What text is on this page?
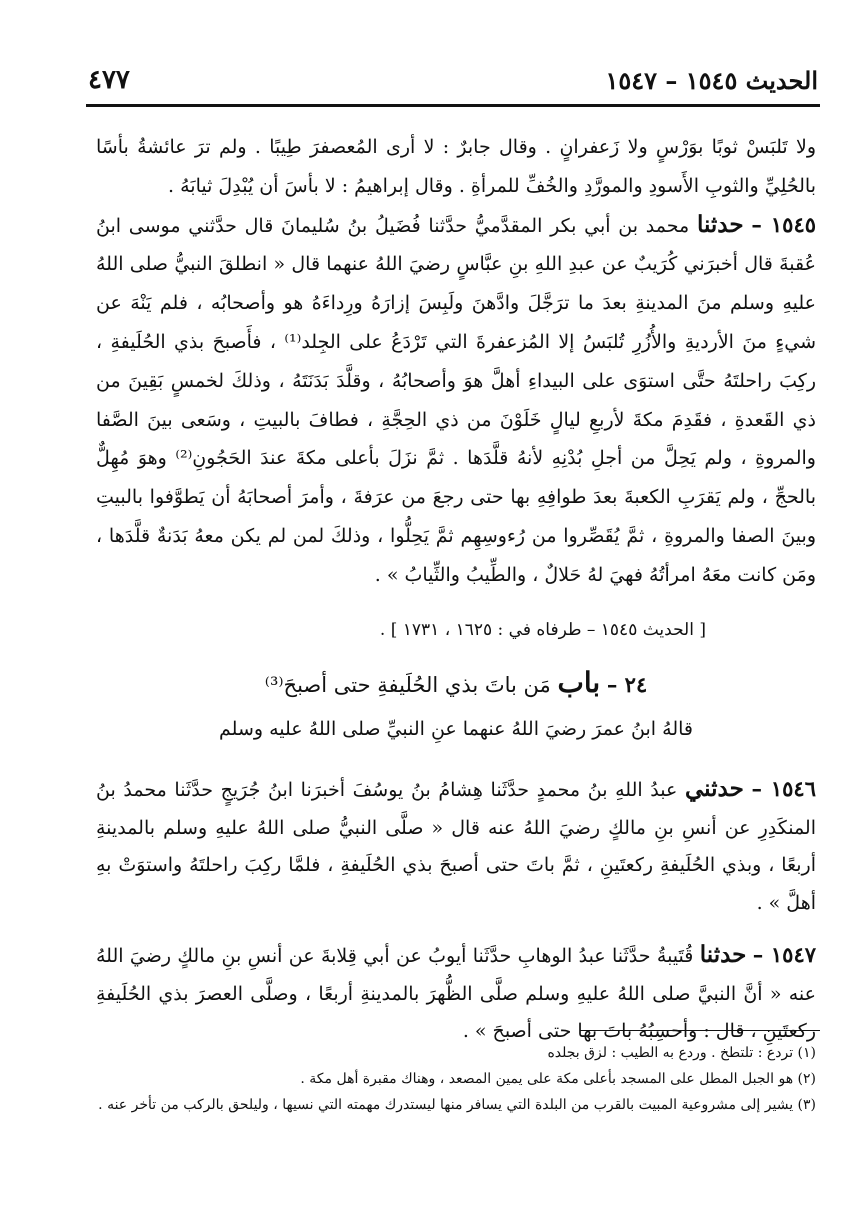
الحديث ١٥٤٥ – ١٥٤٧
٤٧٧

ولا تَلبَسْ ثوبًا بوَرْسٍ ولا زَعفرانٍ . وقال جابرٌ : لا أرى المُعصفرَ طِيبًا . ولم ترَ عائشةُ بأسًا بالحُلِيِّ والثوبِ الأَسودِ والمورَّدِ والخُفِّ للمرأةِ . وقال إبراهيمُ : لا بأسَ أن يُبْدِلَ ثيابَهُ .

١٥٤٥ – حدثنا محمد بن أبي بكر المقدَّميُّ حدَّثنا فُضَيلُ بنُ سُليمانَ قال حدَّثني موسى ابنُ عُقبةَ قال أخبرَني كُرَيبٌ عن عبدِ اللهِ بنِ عبَّاسٍ رضيَ اللهُ عنهما قال « انطلقَ النبيُّ صلى اللهُ عليهِ وسلم منَ المدينةِ بعدَ ما ترَجَّلَ وادَّهنَ ولَبِسَ إزارَهُ ورِداءَهُ هو وأصحابُه ، فلم يَنْهَ عن شيءٍ منَ الأرديةِ والأُزُرِ تُلبَسُ إلا المُزعفرةَ التي تَرْدَعُ على الجِلد⁽¹⁾ ، فأَصبحَ بذي الحُلَيفةِ ، ركِبَ راحلتَهُ حتَّى استوَى على البيداءِ أهلَّ هوَ وأصحابُهُ ، وقلَّدَ بَدَنَتَهُ ، وذلكَ لخمسٍ بَقِينَ من ذي القَعدةِ ، فقَدِمَ مكةَ لأربعِ ليالٍ خَلَوْنَ من ذي الحِجَّةِ ، فطافَ بالبيتِ ، وسَعى بينَ الصَّفا والمروةِ ، ولم يَحِلَّ من أجلِ بُدْنِهِ لأنهُ قلَّدَها . ثمَّ نزَلَ بأعلى مكةَ عندَ الحَجُونِ⁽²⁾ وهوَ مُهِلٌّ بالحجِّ ، ولم يَقرَبِ الكعبةَ بعدَ طوافِهِ بها حتى رجعَ من عرَفةَ ، وأمرَ أصحابَهُ أن يَطوَّفوا بالبيتِ وبينَ الصفا والمروةِ ، ثمَّ يُقَصِّروا من رُءوسِهِم ثمَّ يَحِلُّوا ، وذلكَ لمن لم يكن معهُ بَدَنةٌ قلَّدَها ، ومَن كانت معَهُ امرأتُهُ فهيَ لهُ حَلالٌ ، والطِّيبُ والثِّيابُ » .

[ الحديث ١٥٤٥ – طرفاه في : ١٦٢٥ ، ١٧٣١ ] .
٢٤ – باب مَن باتَ بذي الحُلَيفةِ حتى أصبحَ⁽³⁾
قالهُ ابنُ عمرَ رضيَ اللهُ عنهما عنِ النبيِّ صلى اللهُ عليه وسلم

١٥٤٦ – حدثني عبدُ اللهِ بنُ محمدٍ حدَّثَنا هِشامُ بنُ يوسُفَ أخبرَنا ابنُ جُرَيجٍ حدَّثَنا محمدُ بنُ المنكَدِرِ عن أنسِ بنِ مالكٍ رضيَ اللهُ عنه قال « صلَّى النبيُّ صلى اللهُ عليهِ وسلم بالمدينةِ أربعًا ، وبذي الحُلَيفةِ ركعتَينِ ، ثمَّ باتَ حتى أصبحَ بذي الحُلَيفةِ ، فلمَّا ركِبَ راحلتَهُ واستوَتْ بهِ أهلَّ » .

١٥٤٧ – حدثنا قُتَيبةُ حدَّثَنا عبدُ الوهابِ حدَّثَنا أيوبُ عن أبي قِلابةَ عن أنسِ بنِ مالكٍ رضيَ اللهُ عنه « أنَّ النبيَّ صلى اللهُ عليهِ وسلم صلَّى الظُّهرَ بالمدينةِ أربعًا ، وصلَّى العصرَ بذي الحُلَيفةِ ركعتَينِ ، قال : وأحسِبُهُ باتَ بها حتى أصبحَ » .

(١) تردع : تلتطخ . وردع به الطيب : لزق بجلده
(٢) هو الجبل المطل على المسجد بأعلى مكة على يمين المصعد ، وهناك مقبرة أهل مكة .
(٣) يشير إلى مشروعية المبيت بالقرب من البلدة التي يسافر منها ليستدرك مهمته التي نسيها ، وليلحق بالركب من تأخر عنه .
